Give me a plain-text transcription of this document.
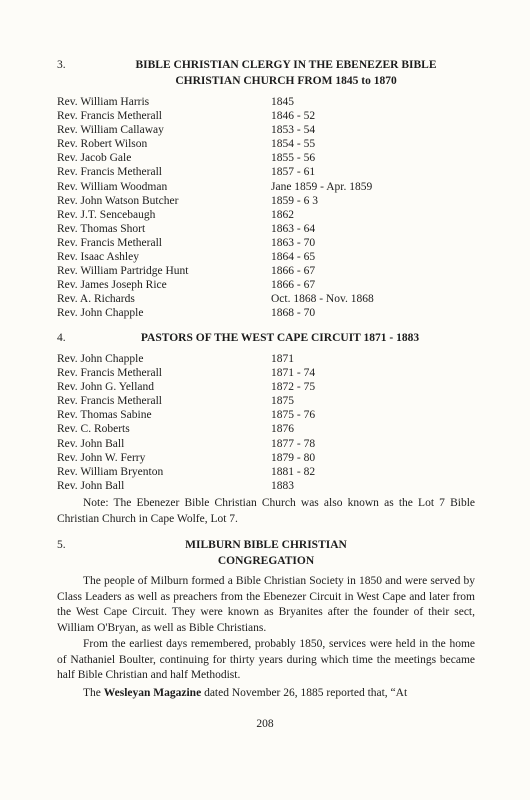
3.	BIBLE CHRISTIAN CLERGY IN THE EBENEZER BIBLE
CHRISTIAN CHURCH FROM 1845 to 1870
Rev. William Harris	1845
Rev. Francis Metherall	1846 - 52
Rev. William Callaway	1853 - 54
Rev. Robert Wilson	1854 - 55
Rev. Jacob Gale	1855 - 56
Rev. Francis Metherall	1857 - 61
Rev. William Woodman	Jane 1859 - Apr. 1859
Rev. John Watson Butcher	1859 - 6 3
Rev. J.T. Sencebaugh	1862
Rev. Thomas Short	1863 - 64
Rev. Francis Metherall	1863 - 70
Rev. Isaac Ashley	1864 - 65
Rev. William Partridge Hunt	1866 - 67
Rev. James Joseph Rice	1866 - 67
Rev. A. Richards	Oct. 1868 - Nov. 1868
Rev. John Chapple	1868 - 70
4.	PASTORS OF THE WEST CAPE CIRCUIT 1871 - 1883
Rev. John Chapple	1871
Rev. Francis Metherall	1871 - 74
Rev. John G. Yelland	1872 - 75
Rev. Francis Metherall	1875
Rev. Thomas Sabine	1875 - 76
Rev. C. Roberts	1876
Rev. John Ball	1877 - 78
Rev. John W. Ferry	1879 - 80
Rev. William Bryenton	1881 - 82
Rev. John Ball	1883

Note: The Ebenezer Bible Christian Church was also known as the Lot 7 Bible Christian Church in Cape Wolfe, Lot 7.

5.	MILBURN BIBLE CHRISTIAN
CONGREGATION

The people of Milburn formed a Bible Christian Society in 1850 and were served by Class Leaders as well as preachers from the Ebenezer Circuit in West Cape and later from the West Cape Circuit. They were known as Bryanites after the founder of their sect, William O'Bryan, as well as Bible Christians.

From the earliest days remembered, probably 1850, services were held in the home of Nathaniel Boulter, continuing for thirty years during which time the meetings became half Bible Christian and half Methodist.

The Wesleyan Magazine dated November 26, 1885 reported that, “At

208
